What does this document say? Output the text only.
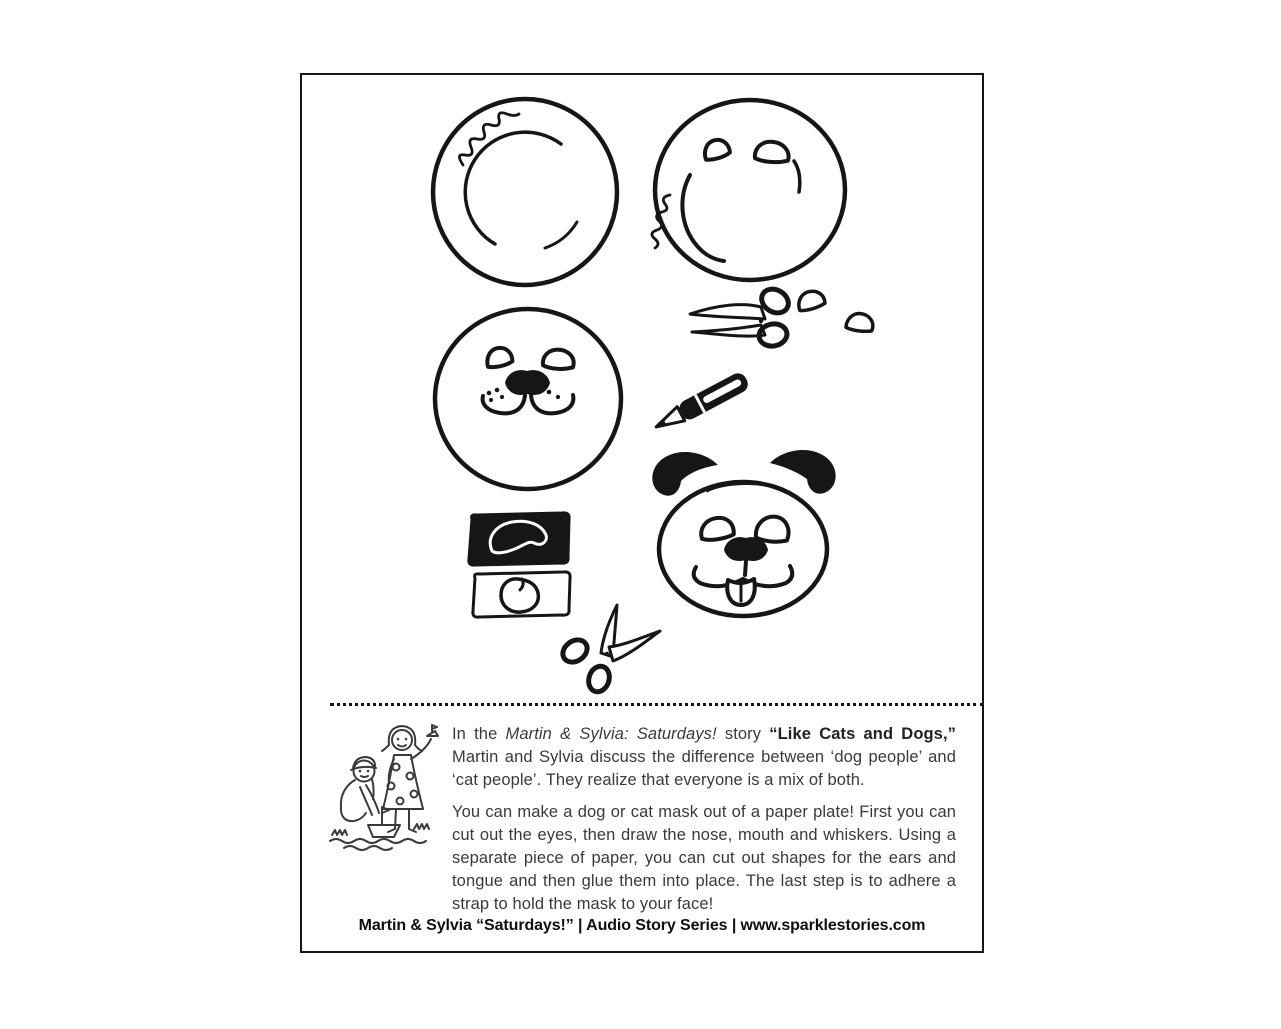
In the Martin & Sylvia: Saturdays! story “Like Cats and Dogs,” Martin and Sylvia discuss the difference between ‘dog people’ and ‘cat people’. They realize that everyone is a mix of both.

You can make a dog or cat mask out of a paper plate! First you can cut out the eyes, then draw the nose, mouth and whiskers. Using a separate piece of paper, you can cut out shapes for the ears and tongue and then glue them into place. The last step is to adhere a strap to hold the mask to your face!

Martin & Sylvia “Saturdays!” | Audio Story Series | www.sparklestories.com
